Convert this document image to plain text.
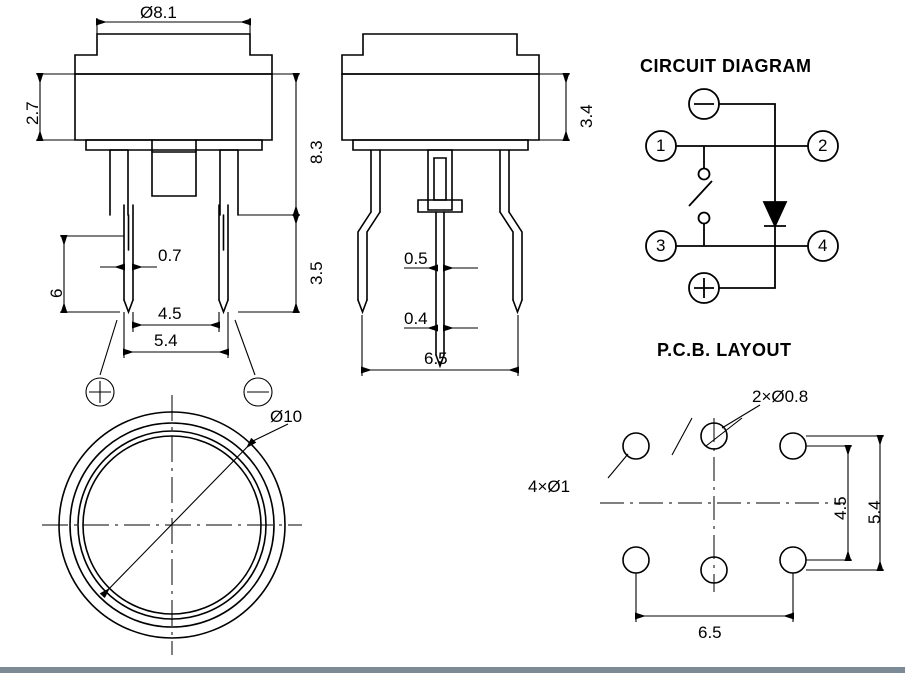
CIRCUIT DIAGRAM
P.C.B. LAYOUT
Ø8.1
2.7
8.3
3.5
6
0.7
4.5
5.4
3.4
0.5
0.4
6.5
Ø10
1	2
3	4
4×Ø1
2×Ø0.8
4.5 5.4
6.5
